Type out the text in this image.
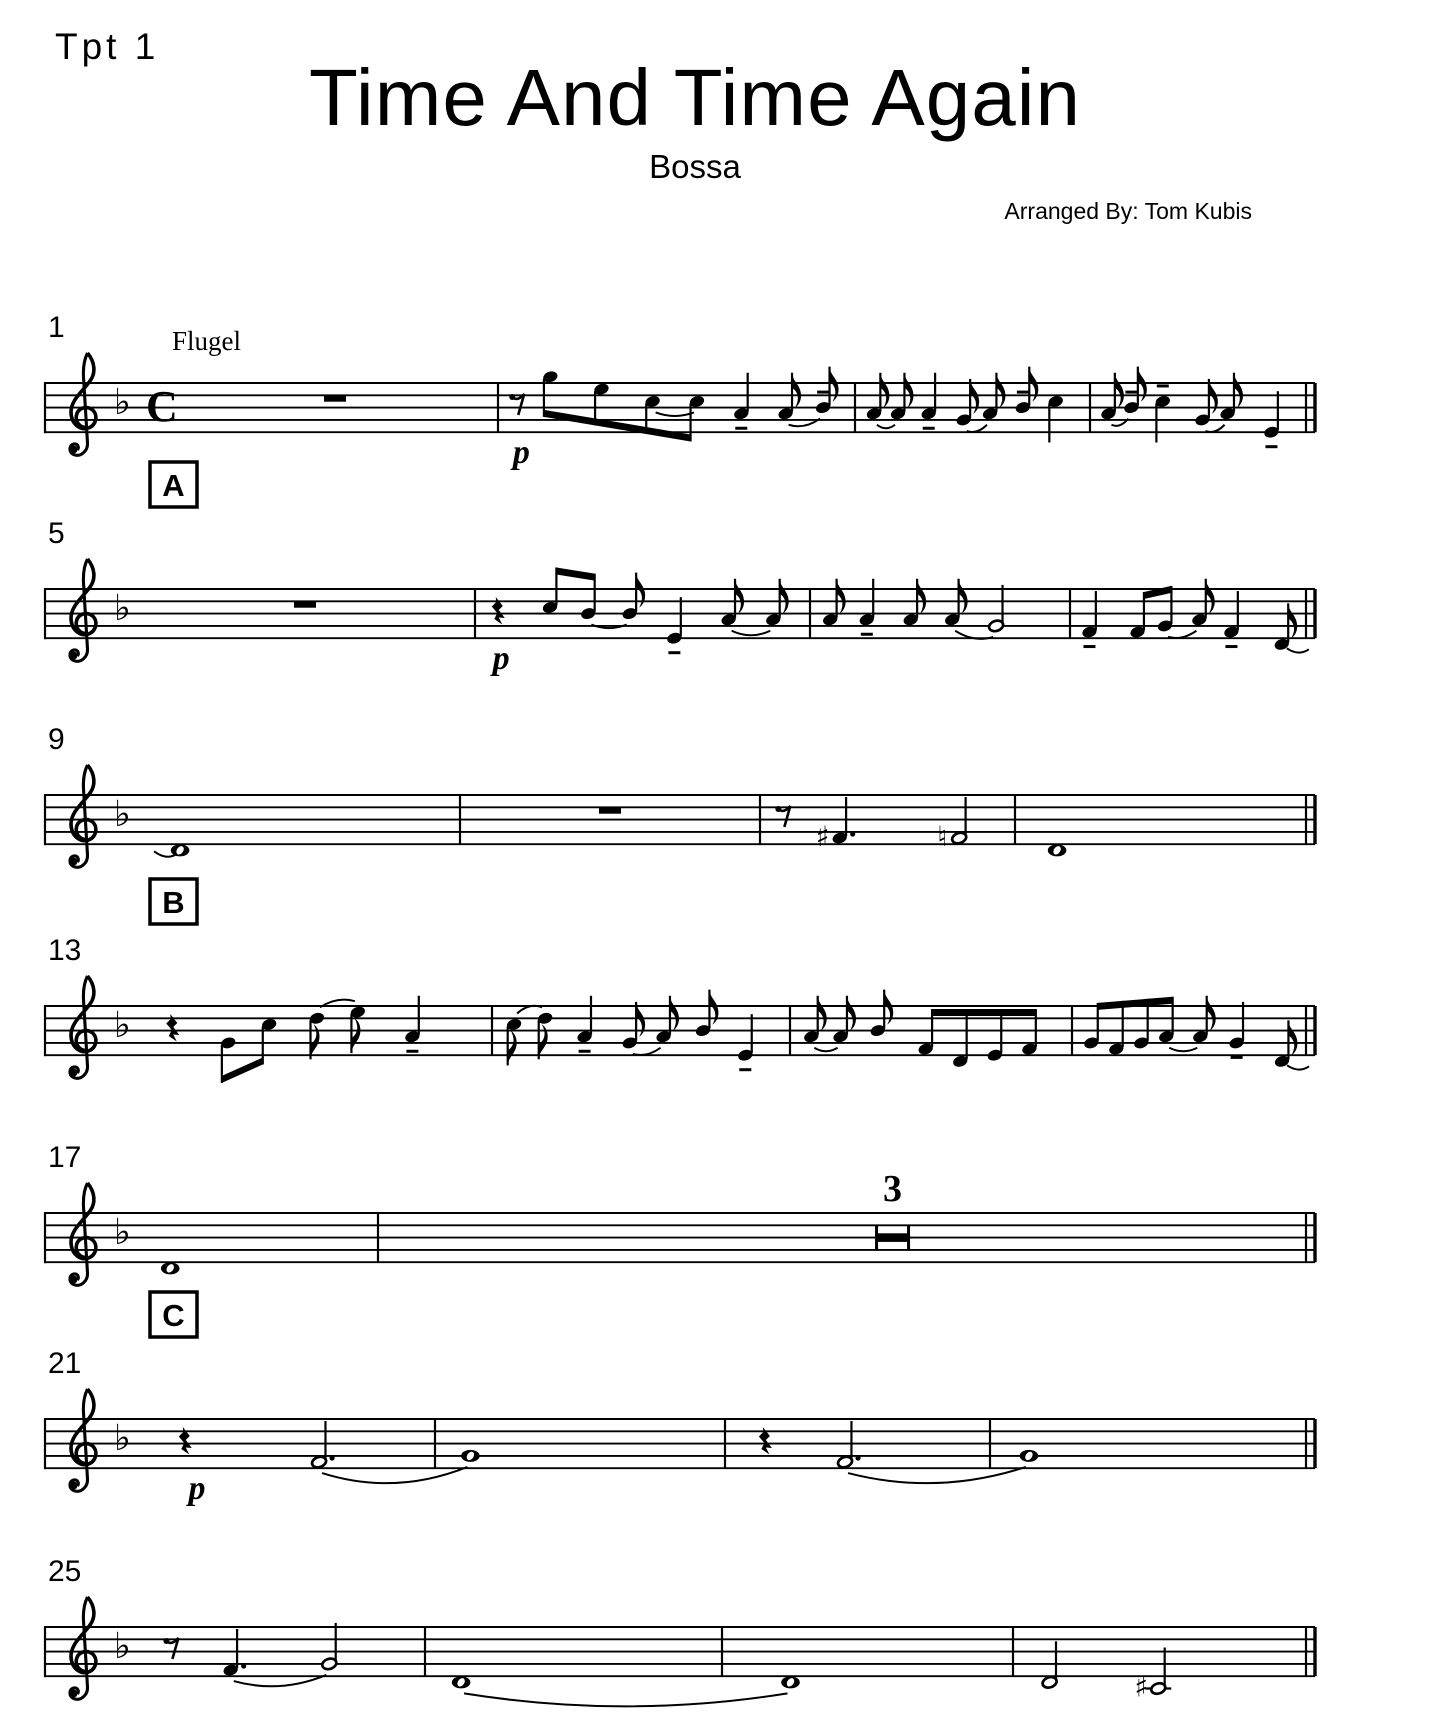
Tpt 1
Time And Time Again
Bossa
Arranged By: Tom Kubis
♭ C
1	Flugel
p
♭
5
A
p
♭
9
♯	♮
♭
13
B
♭
17
3
♭
21
C
p
♭
25
♯
